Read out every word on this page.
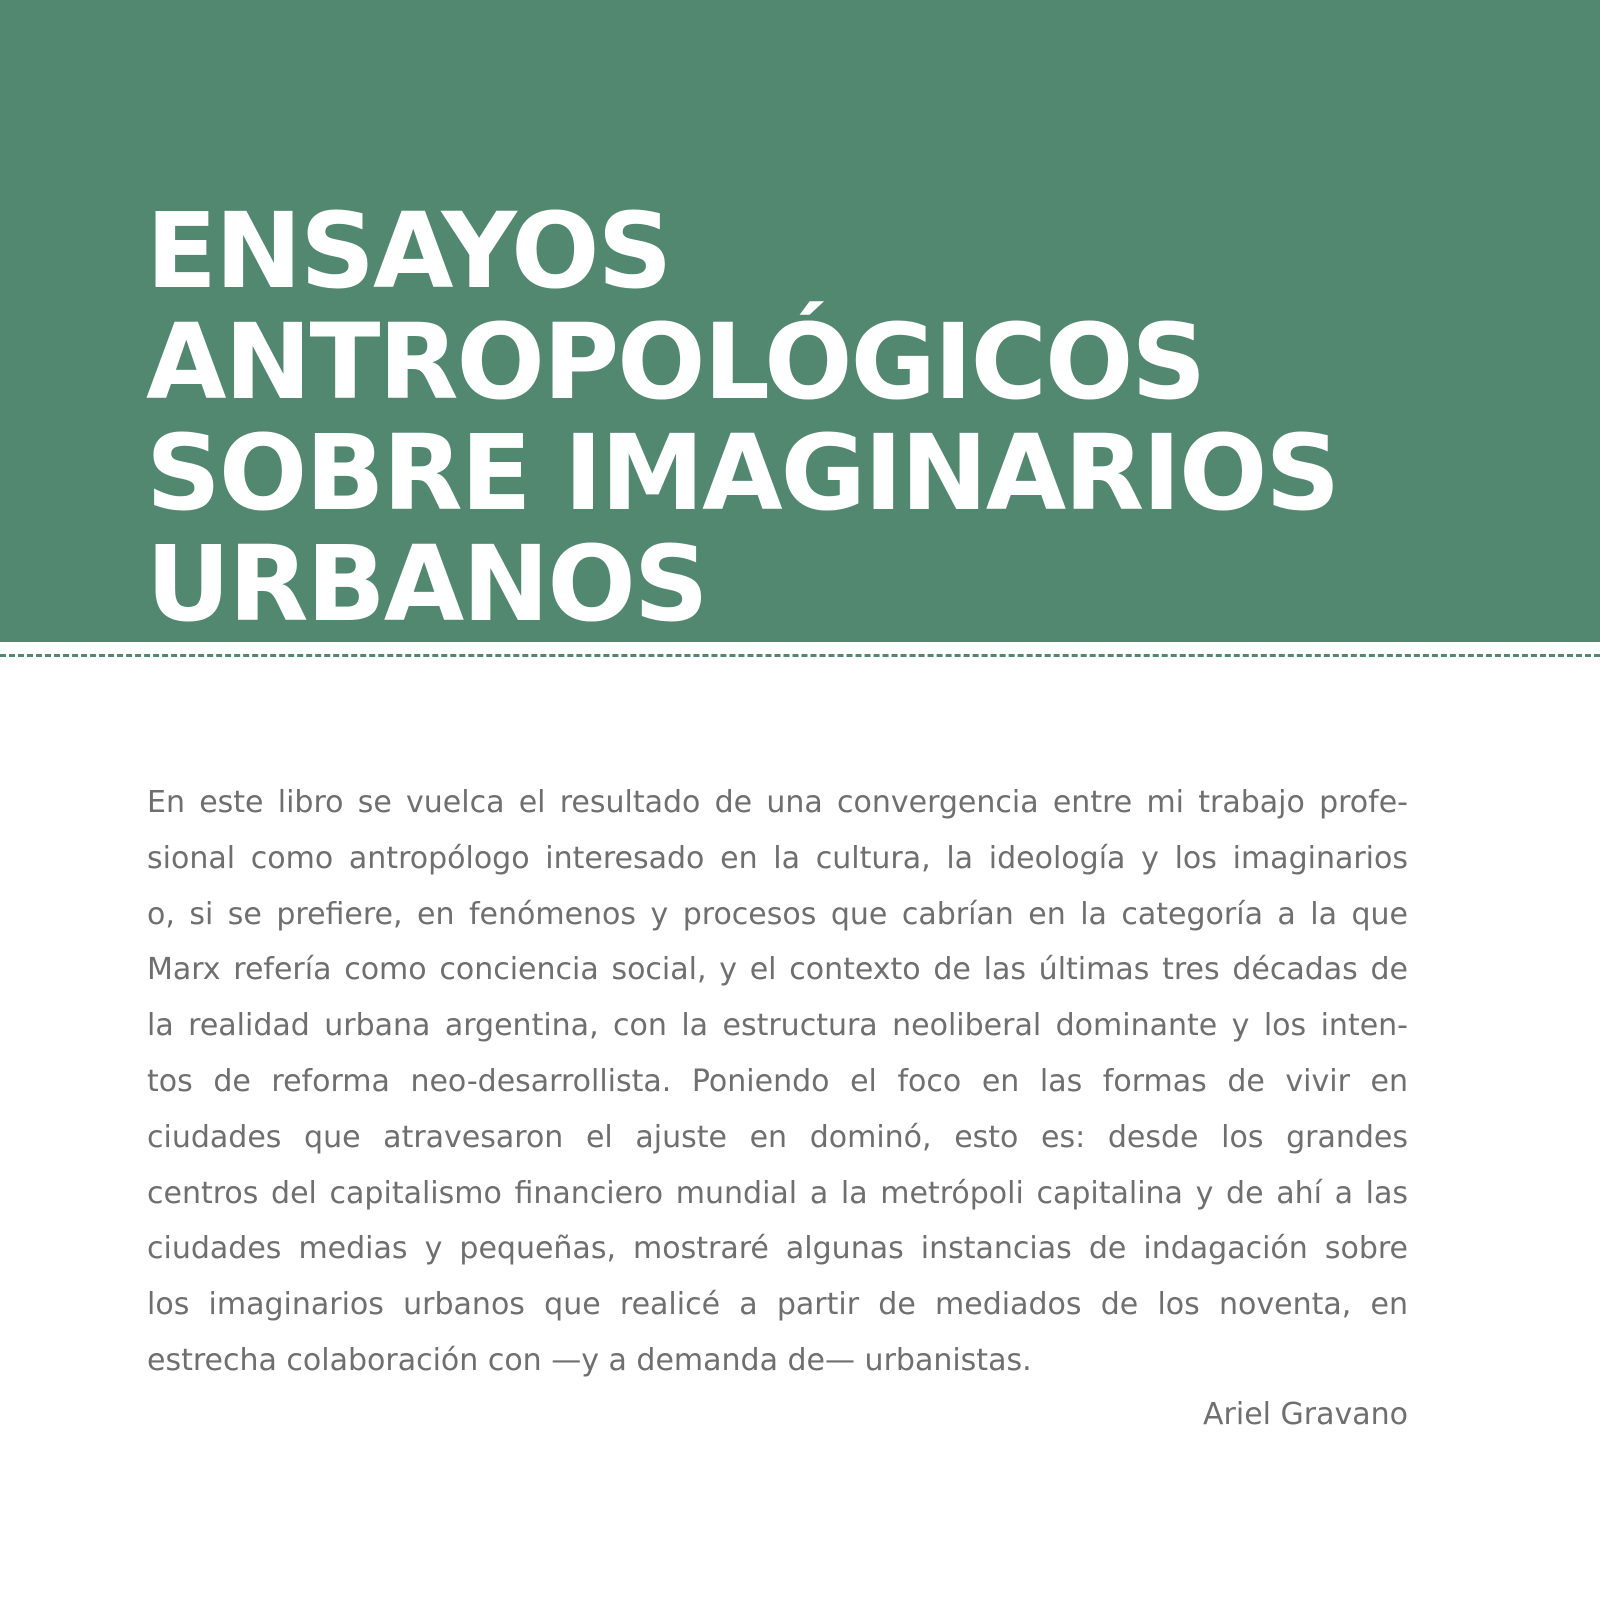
ENSAYOS
ANTROPOLÓGICOS
SOBRE IMAGINARIOS
URBANOS

En este libro se vuelca el resultado de una convergencia entre mi trabajo profe-
sional como antropólogo interesado en la cultura, la ideología y los imaginarios
o, si se prefiere, en fenómenos y procesos que cabrían en la categoría a la que
Marx refería como conciencia social, y el contexto de las últimas tres décadas de
la realidad urbana argentina, con la estructura neoliberal dominante y los inten-
tos de reforma neo-desarrollista. Poniendo el foco en las formas de vivir en
ciudades que atravesaron el ajuste en dominó, esto es: desde los grandes
centros del capitalismo financiero mundial a la metrópoli capitalina y de ahí a las
ciudades medias y pequeñas, mostraré algunas instancias de indagación sobre
los imaginarios urbanos que realicé a partir de mediados de los noventa, en
estrecha colaboración con —y a demanda de— urbanistas.

Ariel Gravano
